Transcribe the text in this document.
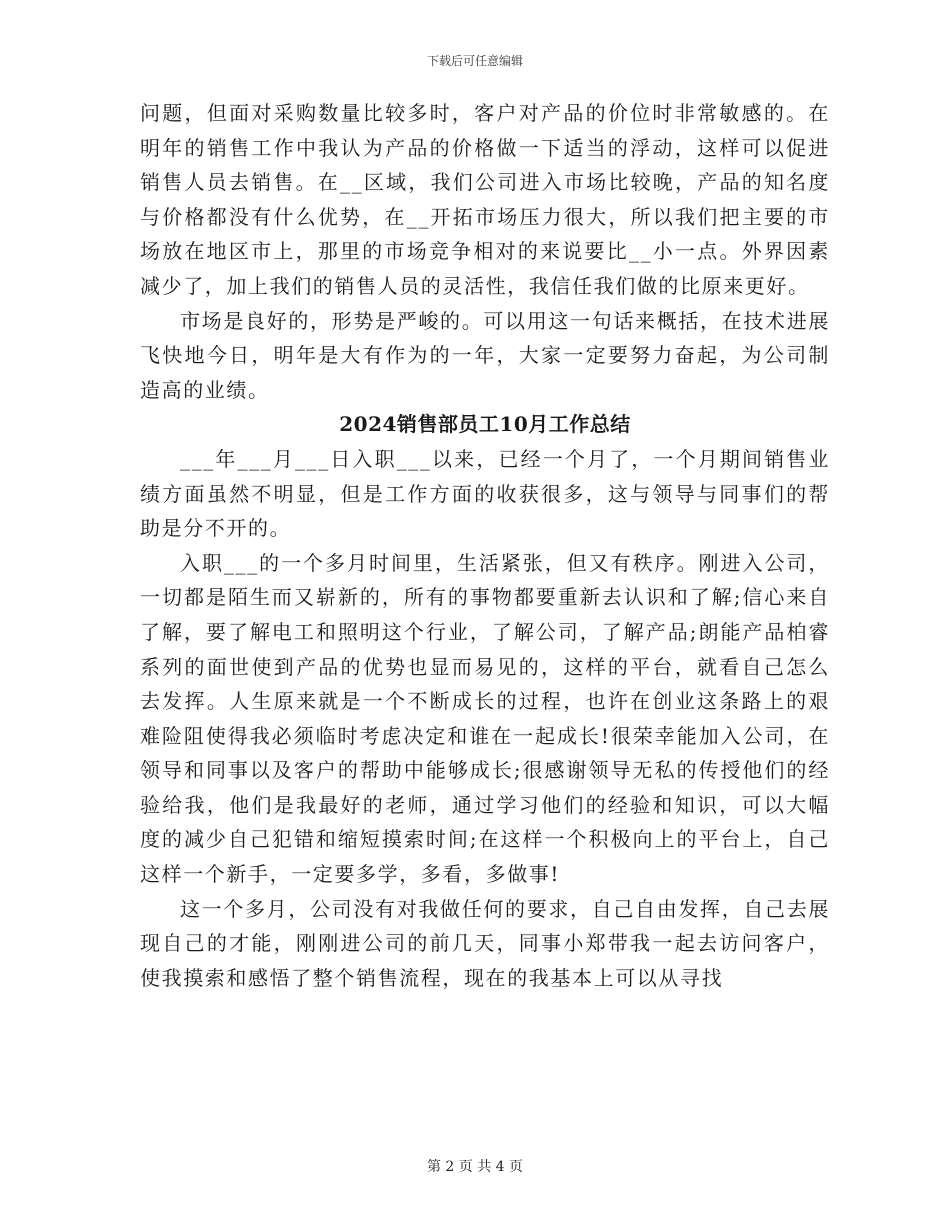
下载后可任意编辑

问题，但面对采购数量比较多时，客户对产品的价位时非常敏感的。在明年的销售工作中我认为产品的价格做一下适当的浮动，这样可以促进销售人员去销售。在__区域，我们公司进入市场比较晚，产品的知名度与价格都没有什么优势，在__开拓市场压力很大，所以我们把主要的市场放在地区市上，那里的市场竞争相对的来说要比__小一点。外界因素减少了，加上我们的销售人员的灵活性，我信任我们做的比原来更好。

市场是良好的，形势是严峻的。可以用这一句话来概括，在技术进展飞快地今日，明年是大有作为的一年，大家一定要努力奋起，为公司制造高的业绩。

2024销售部员工10月工作总结

___年___月___日入职___以来，已经一个月了，一个月期间销售业绩方面虽然不明显，但是工作方面的收获很多，这与领导与同事们的帮助是分不开的。

入职___的一个多月时间里，生活紧张，但又有秩序。刚进入公司，一切都是陌生而又崭新的，所有的事物都要重新去认识和了解;信心来自了解，要了解电工和照明这个行业，了解公司，了解产品;朗能产品柏睿系列的面世使到产品的优势也显而易见的，这样的平台，就看自己怎么去发挥。人生原来就是一个不断成长的过程，也许在创业这条路上的艰难险阻使得我必须临时考虑决定和谁在一起成长!很荣幸能加入公司，在领导和同事以及客户的帮助中能够成长;很感谢领导无私的传授他们的经验给我，他们是我最好的老师，通过学习他们的经验和知识，可以大幅度的减少自己犯错和缩短摸索时间;在这样一个积极向上的平台上，自己这样一个新手，一定要多学，多看，多做事!

这一个多月，公司没有对我做任何的要求，自己自由发挥，自己去展现自己的才能，刚刚进公司的前几天，同事小郑带我一起去访问客户，使我摸索和感悟了整个销售流程，现在的我基本上可以从寻找

第 2 页 共 4 页
